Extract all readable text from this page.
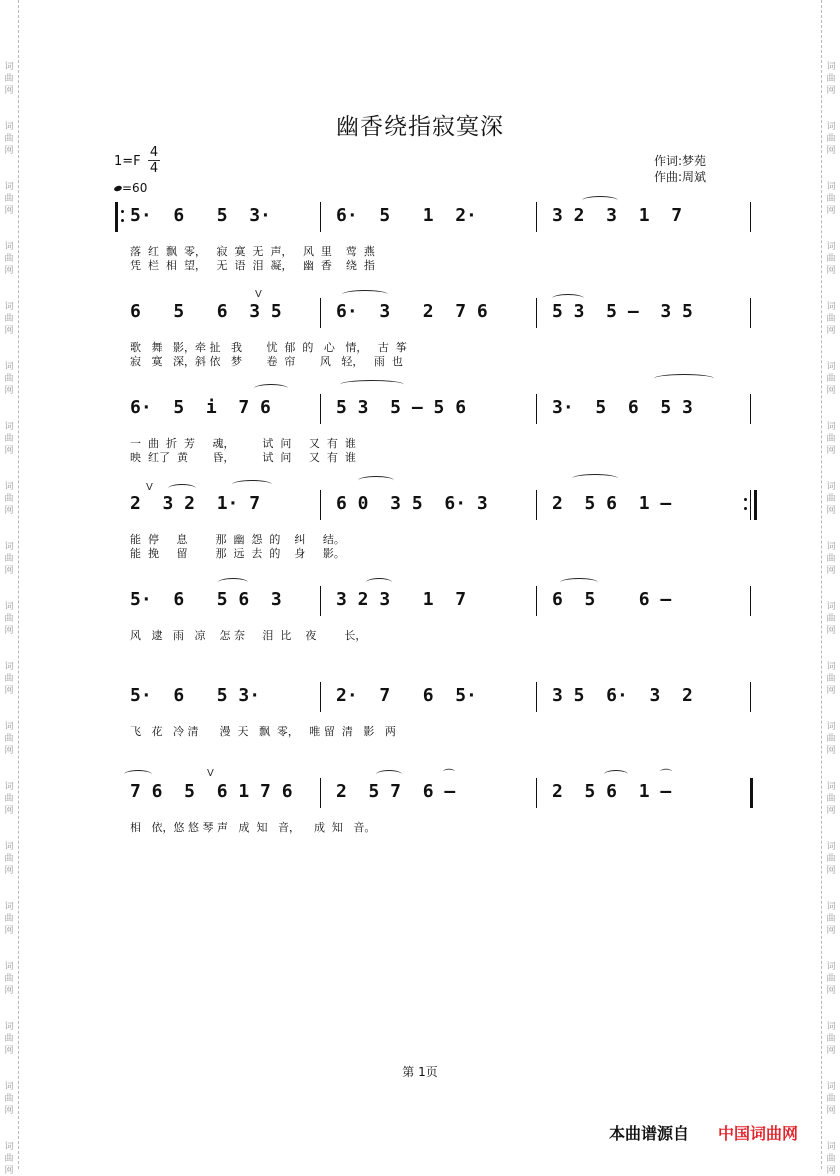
词
曲
网
词
曲
网
词
曲
网
词
曲
网
词
曲
网
词
曲
网
词
曲
网
词
曲
网
词
曲
网
词
曲
网
词
曲
网
词
曲
网
词
曲
网
词
曲
网
词
曲
网
词
曲
网
词
曲
网
词
曲
网
词
曲
网
词
曲
网
词
曲
网
词
曲
网
词
曲
网
词
曲
网
词
曲
网
词
曲
网
词
曲
网
词
曲
网
词
曲
网
词
曲
网
词
曲
网
词
曲
网
词
曲
网
词
曲
网
词
曲
网
词
曲
网
词
曲
网
词
曲
网
幽香绕指寂寞深
1=F
4
4
=60
作词:梦苑
作曲:周斌
5·  6   5  3·	6·  5   1  2·	3 2  3  1  7
落  红  飘  零，   寂  寞  无  声，   风  里    莺  燕
凭  栏  相  望，   无  语  泪  凝，   幽  香    绕  指
6   5   6  3 5	6·  3   2  7 6	5 3  5 —  3 5
歌   舞   影，牵 扯   我       忧  郁  的   心   情，   古  筝
寂   寞   深，斜 依   梦       卷  帘       风   轻，   雨  也
6·  5  i  7 6	5 3  5 — 5 6	3·  5  6  5 3
一  曲  折  芳     魂，        试  问     又  有  谁
映  红了  黄       昏，        试  问     又  有  谁
2  3 2  1· 7	6 0  3 5  6· 3	2  5 6  1 —
能  停     息        那  幽  怨  的    纠     结。
能  挽     留        那  远  去  的    身     影。
5·  6   5 6  3	3 2 3   1  7	6  5    6 —
风   逮   雨   凉    怎 奈     泪  比    夜        长，
5·  6   5 3·	2·  7   6  5·	3 5  6·  3  2
飞   花   冷 清      漫  天   飘  零，   唯 留  清   影   两
7 6  5  6 1 7 6 2  5 7  6 —	2  5 6  1 —
相   依，悠 悠 琴 声   成  知   音，    成  知   音。
V
V
V	⌒	⌒
第 1页
本曲谱源自 中国词曲网
